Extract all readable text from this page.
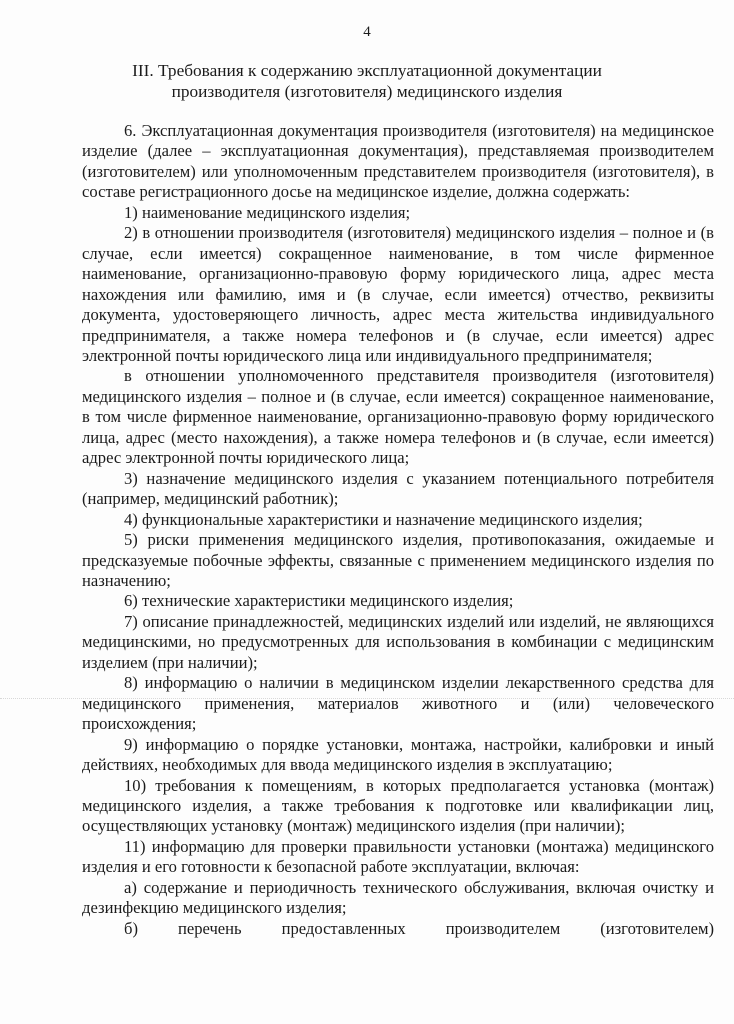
4
III. Требования к содержанию эксплуатационной документации
производителя (изготовителя) медицинского изделия

6. Эксплуатационная документация производителя (изготовителя) на медицинское изделие (далее – эксплуатационная документация), представляемая производителем (изготовителем) или уполномоченным представителем производителя (изготовителя), в составе регистрационного досье на медицинское изделие, должна содержать:

1) наименование медицинского изделия;

2) в отношении производителя (изготовителя) медицинского изделия – полное и (в случае, если имеется) сокращенное наименование, в том числе фирменное наименование, организационно-правовую форму юридического лица, адрес места нахождения или фамилию, имя и (в случае, если имеется) отчество, реквизиты документа, удостоверяющего личность, адрес места жительства индивидуального предпринимателя, а также номера телефонов и (в случае, если имеется) адрес электронной почты юридического лица или индивидуального предпринимателя;

в отношении уполномоченного представителя производителя (изготовителя) медицинского изделия – полное и (в случае, если имеется) сокращенное наименование, в том числе фирменное наименование, организационно-правовую форму юридического лица, адрес (место нахождения), а также номера телефонов и (в случае, если имеется) адрес электронной почты юридического лица;

3) назначение медицинского изделия с указанием потенциального потребителя (например, медицинский работник);

4) функциональные характеристики и назначение медицинского изделия;

5) риски применения медицинского изделия, противопоказания, ожидаемые и предсказуемые побочные эффекты, связанные с применением медицинского изделия по назначению;

6) технические характеристики медицинского изделия;

7) описание принадлежностей, медицинских изделий или изделий, не являющихся медицинскими, но предусмотренных для использования в комбинации с медицинским изделием (при наличии);

8) информацию о наличии в медицинском изделии лекарственного средства для медицинского применения, материалов животного и (или) человеческого происхождения;

9) информацию о порядке установки, монтажа, настройки, калибровки и иный действиях, необходимых для ввода медицинского изделия в эксплуатацию;

10) требования к помещениям, в которых предполагается установка (монтаж) медицинского изделия, а также требования к подготовке или квалификации лиц, осуществляющих установку (монтаж) медицинского изделия (при наличии);

11) информацию для проверки правильности установки (монтажа) медицинского изделия и его готовности к безопасной работе эксплуатации, включая:

а) содержание и периодичность технического обслуживания, включая очистку и дезинфекцию медицинского изделия;

б) перечень предоставленных производителем (изготовителем)
